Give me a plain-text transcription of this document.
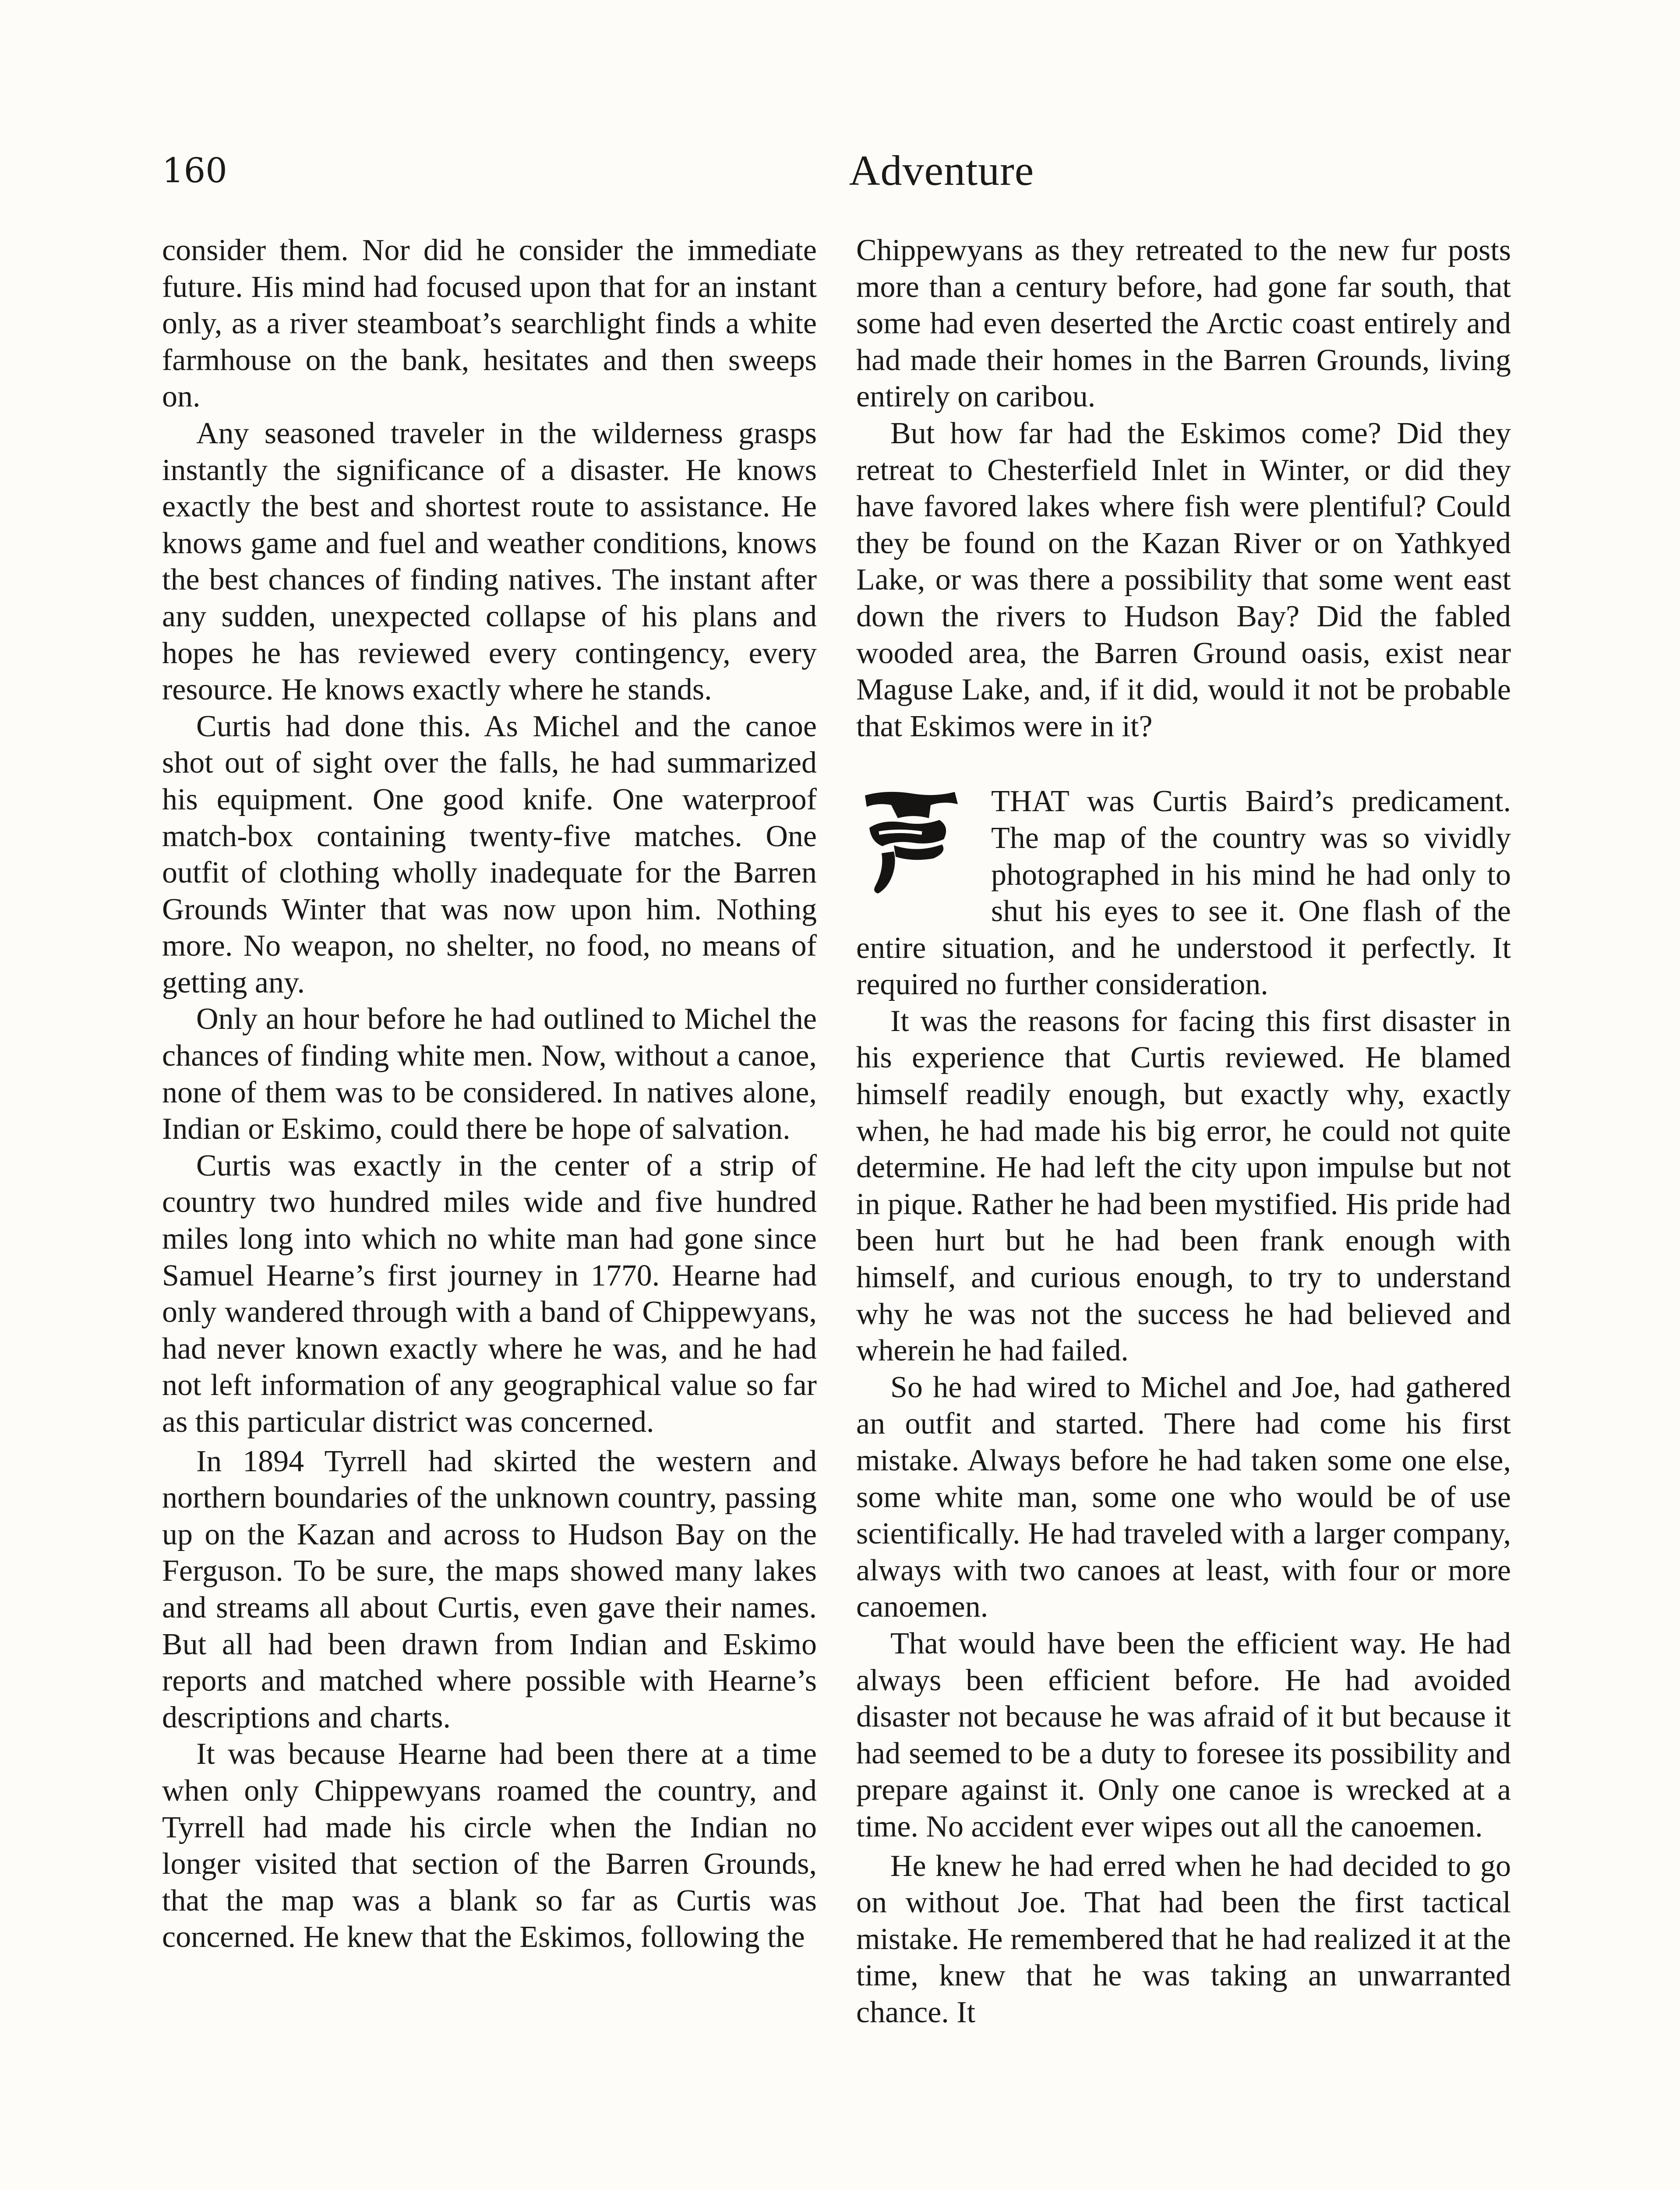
160	Adventure

consider them. Nor did he consider the immediate future. His mind had focused upon that for an instant only, as a river steamboat’s searchlight finds a white farmhouse on the bank, hesitates and then sweeps on.

Any seasoned traveler in the wilderness grasps instantly the significance of a disaster. He knows exactly the best and shortest route to assistance. He knows game and fuel and weather conditions, knows the best chances of finding natives. The instant after any sudden, unexpected collapse of his plans and hopes he has reviewed every contingency, every resource. He knows exactly where he stands.

Curtis had done this. As Michel and the canoe shot out of sight over the falls, he had summarized his equipment. One good knife. One waterproof match-box containing twenty-five matches. One outfit of clothing wholly inadequate for the Barren Grounds Winter that was now upon him. Nothing more. No weapon, no shelter, no food, no means of getting any.

Only an hour before he had outlined to Michel the chances of finding white men. Now, without a canoe, none of them was to be considered. In natives alone, Indian or Eskimo, could there be hope of salvation.

Curtis was exactly in the center of a strip of country two hundred miles wide and five hundred miles long into which no white man had gone since Samuel Hearne’s first journey in 1770. Hearne had only wandered through with a band of Chippewyans, had never known exactly where he was, and he had not left information of any geographical value so far as this particular district was concerned.

In 1894 Tyrrell had skirted the western and northern boundaries of the unknown country, passing up on the Kazan and across to Hudson Bay on the Ferguson. To be sure, the maps showed many lakes and streams all about Curtis, even gave their names. But all had been drawn from Indian and Eskimo reports and matched where possible with Hearne’s descriptions and charts.

It was because Hearne had been there at a time when only Chippewyans roamed the country, and Tyrrell had made his circle when the Indian no longer visited that section of the Barren Grounds, that the map was a blank so far as Curtis was concerned. He knew that the Eskimos, following the

Chippewyans as they retreated to the new fur posts more than a century before, had gone far south, that some had even deserted the Arctic coast entirely and had made their homes in the Barren Grounds, living entirely on caribou.

But how far had the Eskimos come? Did they retreat to Chesterfield Inlet in Winter, or did they have favored lakes where fish were plentiful? Could they be found on the Kazan River or on Yathkyed Lake, or was there a possibility that some went east down the rivers to Hudson Bay? Did the fabled wooded area, the Barren Ground oasis, exist near Maguse Lake, and, if it did, would it not be probable that Eskimos were in it?

THAT was Curtis Baird’s predicament. The map of the country was so vividly photographed in his mind he had only to shut his eyes to see it. One flash of the entire situation, and he understood it perfectly. It required no further consideration.

It was the reasons for facing this first disaster in his experience that Curtis reviewed. He blamed himself readily enough, but exactly why, exactly when, he had made his big error, he could not quite determine. He had left the city upon impulse but not in pique. Rather he had been mystified. His pride had been hurt but he had been frank enough with himself, and curious enough, to try to understand why he was not the success he had believed and wherein he had failed.

So he had wired to Michel and Joe, had gathered an outfit and started. There had come his first mistake. Always before he had taken some one else, some white man, some one who would be of use scientifically. He had traveled with a larger company, always with two canoes at least, with four or more canoemen.

That would have been the efficient way. He had always been efficient before. He had avoided disaster not because he was afraid of it but because it had seemed to be a duty to foresee its possibility and prepare against it. Only one canoe is wrecked at a time. No accident ever wipes out all the canoemen.

He knew he had erred when he had decided to go on without Joe. That had been the first tactical mistake. He remembered that he had realized it at the time, knew that he was taking an unwarranted chance. It
